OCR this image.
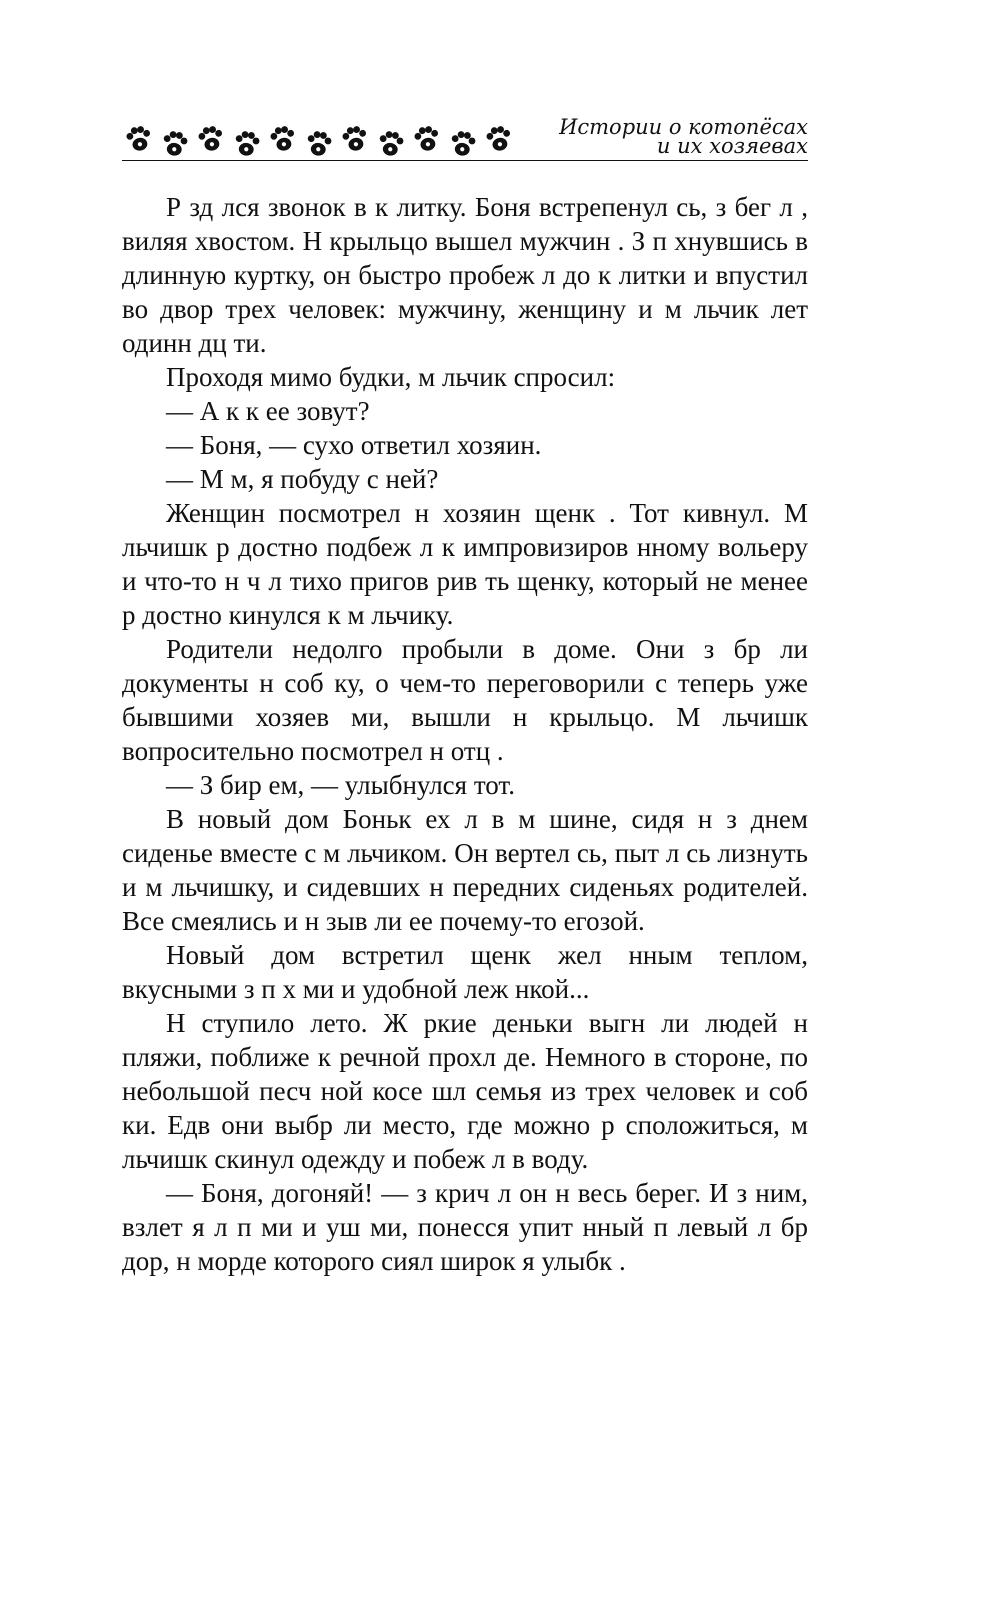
Истории о котопёсах
и их хозяевах

Р зд лся звонок в к литку. Боня встрепенул сь, з бег л , виляя хвостом. Н крыльцо вышел мужчин . З п хнувшись в длинную куртку, он быстро пробеж л до к литки и впустил во двор трех человек: мужчину, женщину и м льчик лет одинн дц ти.

Проходя мимо будки, м льчик спросил:

— А к к ее зовут?

— Боня, — сухо ответил хозяин.

— М м, я побуду с ней?

Женщин посмотрел н хозяин щенк . Тот кивнул. М льчишк р достно подбеж л к импровизиров нному вольеру и что-то н ч л тихо пригов рив ть щенку, который не менее р достно кинулся к м льчику.

Родители недолго пробыли в доме. Они з бр ли документы н соб ку, о чем-то переговорили с теперь уже бывшими хозяев ми, вышли н крыльцо. М льчишк вопросительно посмотрел н отц .

— З бир ем, — улыбнулся тот.

В новый дом Боньк ех л в м шине, сидя н з днем сиденье вместе с м льчиком. Он вертел сь, пыт л сь лизнуть и м льчишку, и сидевших н передних сиденьях родителей. Все смеялись и н зыв ли ее почему-то егозой.

Новый дом встретил щенк жел нным теплом, вкусными з п х ми и удобной леж нкой...

Н ступило лето. Ж ркие деньки выгн ли людей н пляжи, поближе к речной прохл де. Немного в стороне, по небольшой песч ной косе шл семья из трех человек и соб ки. Едв они выбр ли место, где можно р сположиться, м льчишк скинул одежду и побеж л в воду.

— Боня, догоняй! — з крич л он н весь берег. И з ним, взлет я л п ми и уш ми, понесся упит нный п левый л бр дор, н морде которого сиял широк я улыбк .
